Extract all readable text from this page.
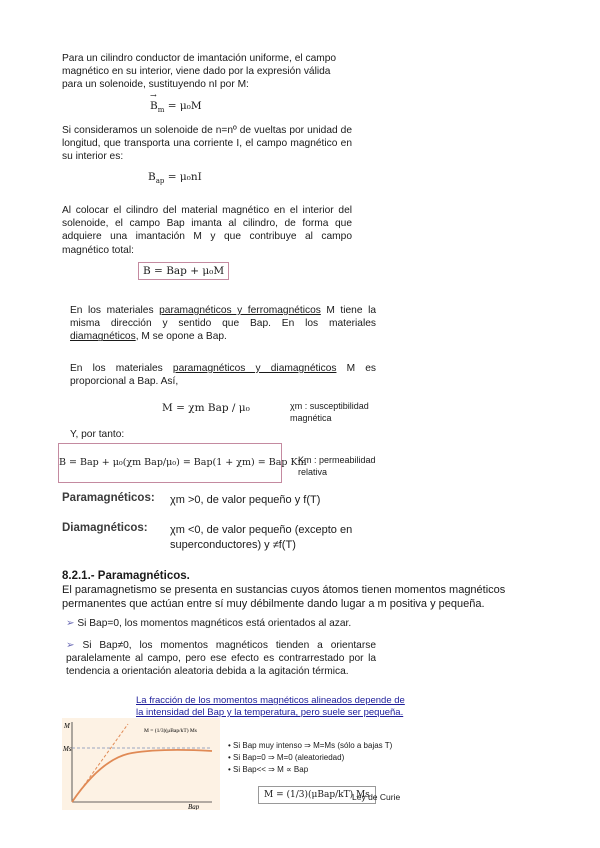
Para un cilindro conductor de imantación uniforme, el campo magnético en su interior, viene dado por la expresión válida para un solenoide, sustituyendo nI por M:
→ $B_m = \mu_0M$
Si consideramos un solenoide de n=nº de vueltas por unidad de longitud, que transporta una corriente I, el campo magnético en su interior es:
$B_{ap} = \mu_0nI$
Al colocar el cilindro del material magnético en el interior del solenoide, el campo Bap imanta al cilindro, de forma que adquiere una imantación M y que contribuye al campo magnético total:
B = Bap + μ₀M
En los materiales paramagnéticos y ferromagnéticos M tiene la misma dirección y sentido que Bap. En los materiales diamagnéticos, M se opone a Bap.
En los materiales paramagnéticos y diamagnéticos M es proporcional a Bap. Así,
M = χm Bap / μ₀	χm : susceptibilidad magnética
Y, por tanto:
B = Bap + μ₀(χm Bap/μ₀) = Bap(1 + χm) = Bap Km
Km : permeabilidad relativa
Paramagnéticos: χm >0, de valor pequeño y f(T)
Diamagnéticos: χm <0, de valor pequeño (excepto en superconductores) y ≠f(T)
8.2.1.- Paramagnéticos.
El paramagnetismo se presenta en sustancias cuyos átomos tienen momentos magnéticos permanentes que actúan entre sí muy débilmente dando lugar a m positiva y pequeña.
➢ Si Bap=0, los momentos magnéticos está orientados al azar.
➢ Si Bap≠0, los momentos magnéticos tienden a orientarse paralelamente al campo, pero ese efecto es contrarrestado por la tendencia a orientación aleatoria debida a la agitación térmica.
La fracción de los momentos magnéticos alineados depende de la intensidad del Bap y la temperatura, pero suele ser pequeña.
M
Ms
Bap
M = (1/3)(μBap/kT) Ms
• Si Bap muy intenso ⇒ M=Ms (sólo a bajas T)
• Si Bap=0 ⇒ M=0 (aleatoriedad)
• Si Bap<< ⇒ M ∝ Bap
M = (1/3)(μBap/kT) Ms
Ley de Curie
